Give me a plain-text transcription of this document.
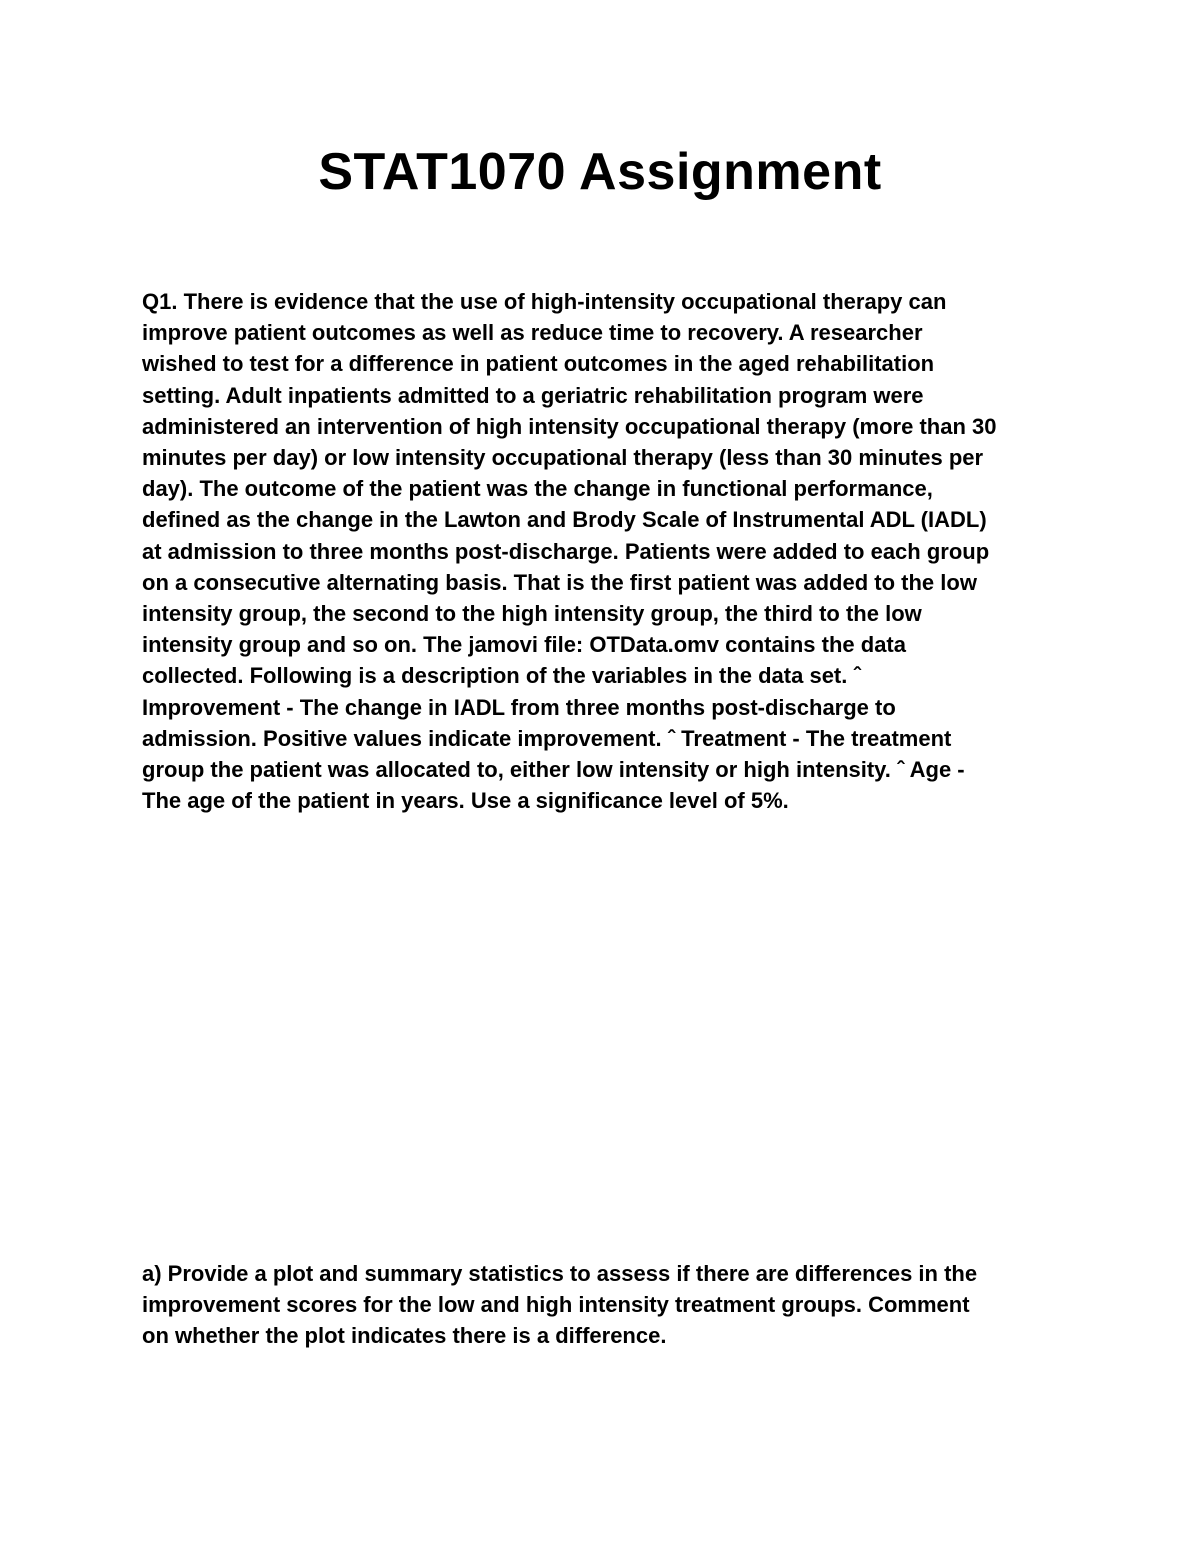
STAT1070 Assignment

Q1. There is evidence that the use of high-intensity occupational therapy can
improve patient outcomes as well as reduce time to recovery. A researcher
wished to test for a difference in patient outcomes in the aged rehabilitation
setting. Adult inpatients admitted to a geriatric rehabilitation program were
administered an intervention of high intensity occupational therapy (more than 30
minutes per day) or low intensity occupational therapy (less than 30 minutes per
day). The outcome of the patient was the change in functional performance,
defined as the change in the Lawton and Brody Scale of Instrumental ADL (IADL)
at admission to three months post-discharge. Patients were added to each group
on a consecutive alternating basis. That is the first patient was added to the low
intensity group, the second to the high intensity group, the third to the low
intensity group and so on. The jamovi file: OTData.omv contains the data
collected. Following is a description of the variables in the data set. ˆ
Improvement - The change in IADL from three months post-discharge to
admission. Positive values indicate improvement. ˆ Treatment - The treatment
group the patient was allocated to, either low intensity or high intensity. ˆ Age -
The age of the patient in years. Use a significance level of 5%.

a) Provide a plot and summary statistics to assess if there are differences in the
improvement scores for the low and high intensity treatment groups. Comment
on whether the plot indicates there is a difference.
